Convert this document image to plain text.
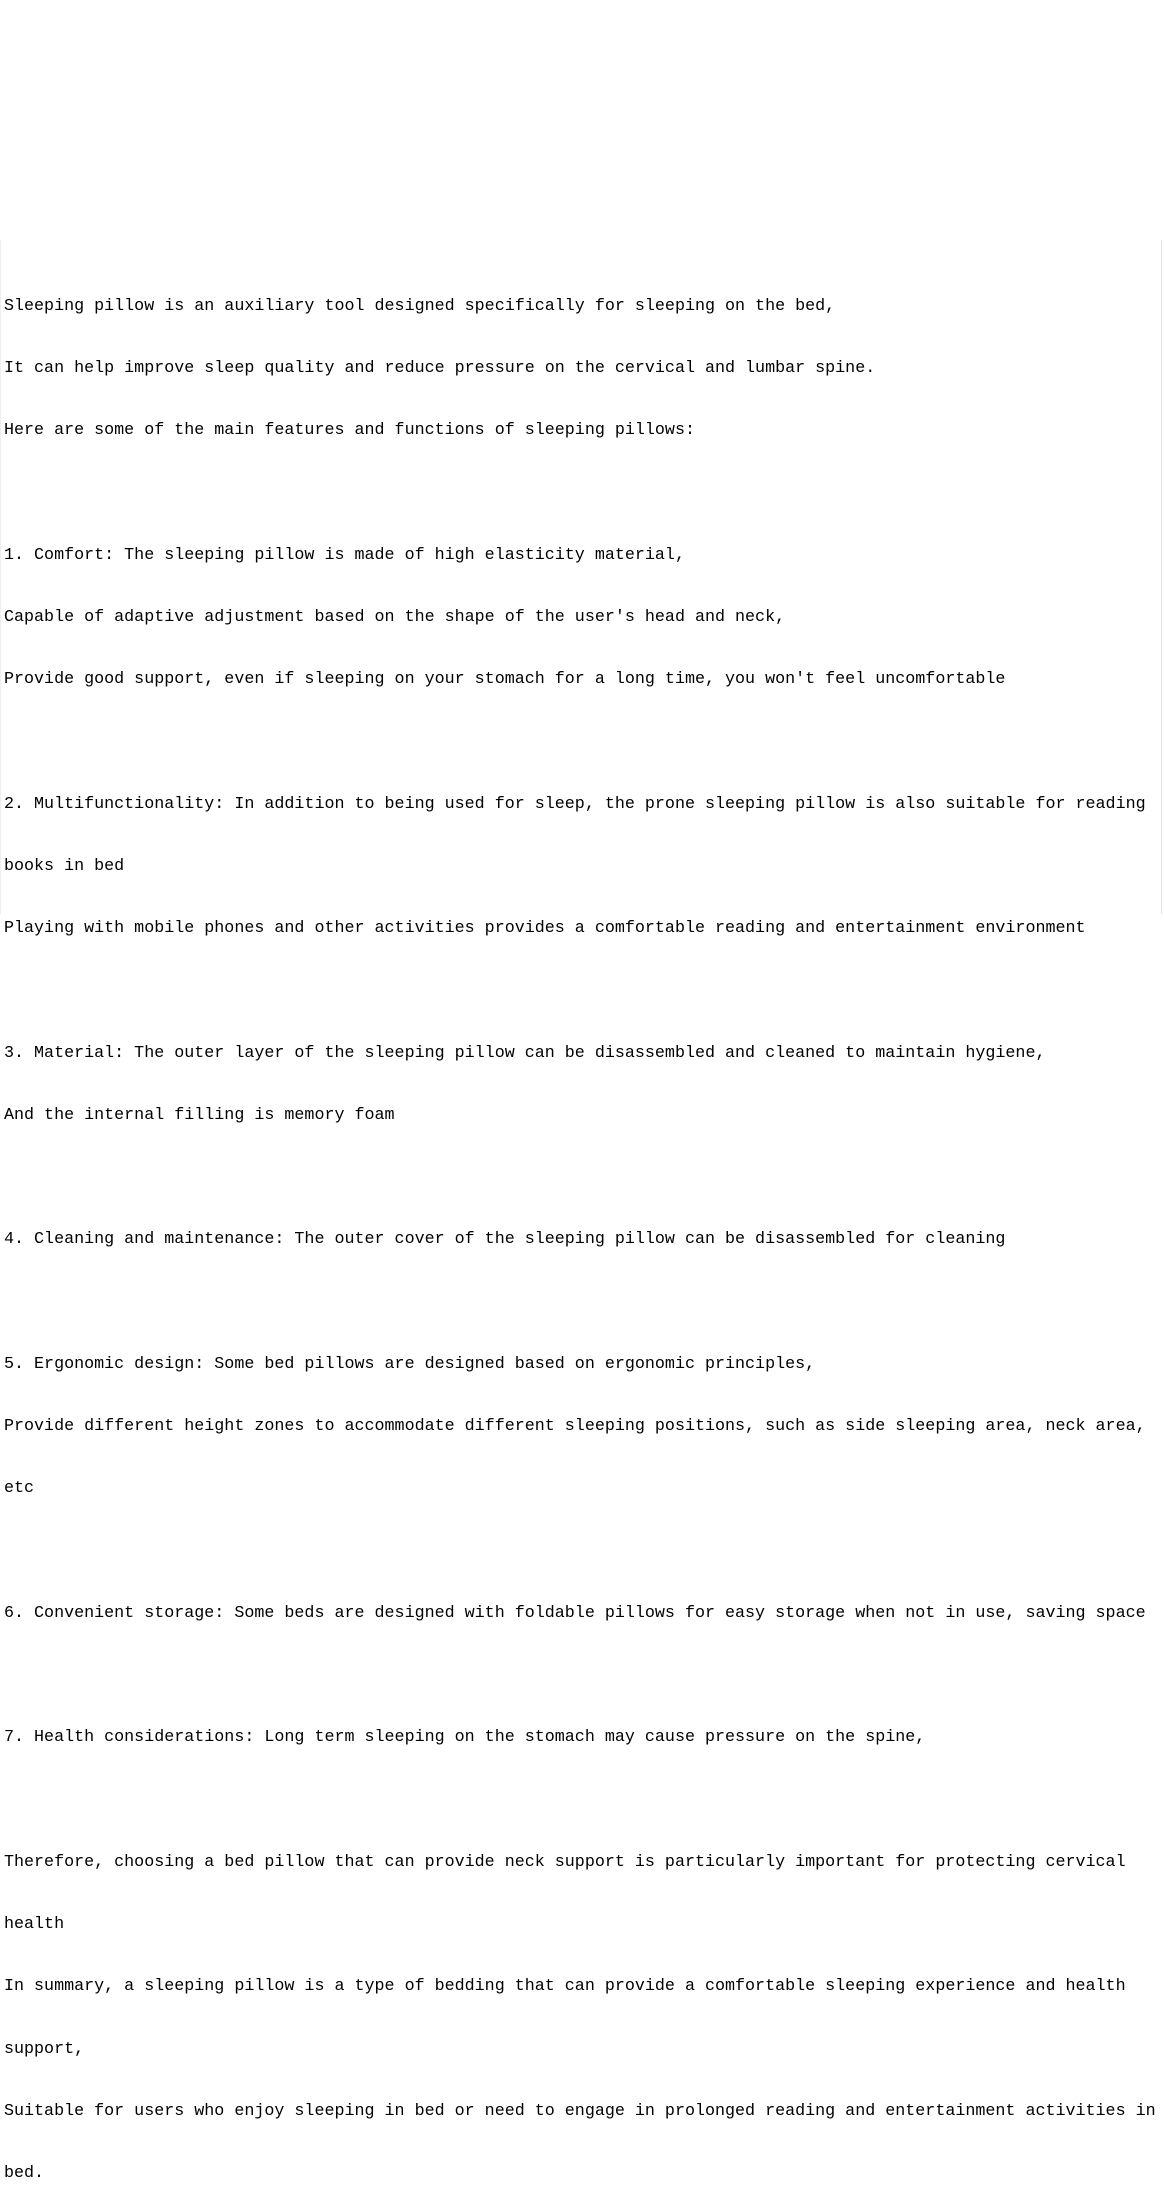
Sleeping pillow is an auxiliary tool designed specifically for sleeping on the bed,

It can help improve sleep quality and reduce pressure on the cervical and lumbar spine.

Here are some of the main features and functions of sleeping pillows:

1. Comfort: The sleeping pillow is made of high elasticity material,

Capable of adaptive adjustment based on the shape of the user's head and neck,

Provide good support, even if sleeping on your stomach for a long time, you won't feel uncomfortable

2. Multifunctionality: In addition to being used for sleep, the prone sleeping pillow is also suitable for reading

books in bed

Playing with mobile phones and other activities provides a comfortable reading and entertainment environment

3. Material: The outer layer of the sleeping pillow can be disassembled and cleaned to maintain hygiene,

And the internal filling is memory foam

4. Cleaning and maintenance: The outer cover of the sleeping pillow can be disassembled for cleaning

5. Ergonomic design: Some bed pillows are designed based on ergonomic principles,

Provide different height zones to accommodate different sleeping positions, such as side sleeping area, neck area,

etc

6. Convenient storage: Some beds are designed with foldable pillows for easy storage when not in use, saving space

7. Health considerations: Long term sleeping on the stomach may cause pressure on the spine,

Therefore, choosing a bed pillow that can provide neck support is particularly important for protecting cervical

health

In summary, a sleeping pillow is a type of bedding that can provide a comfortable sleeping experience and health

support,

Suitable for users who enjoy sleeping in bed or need to engage in prolonged reading and entertainment activities in

bed.
